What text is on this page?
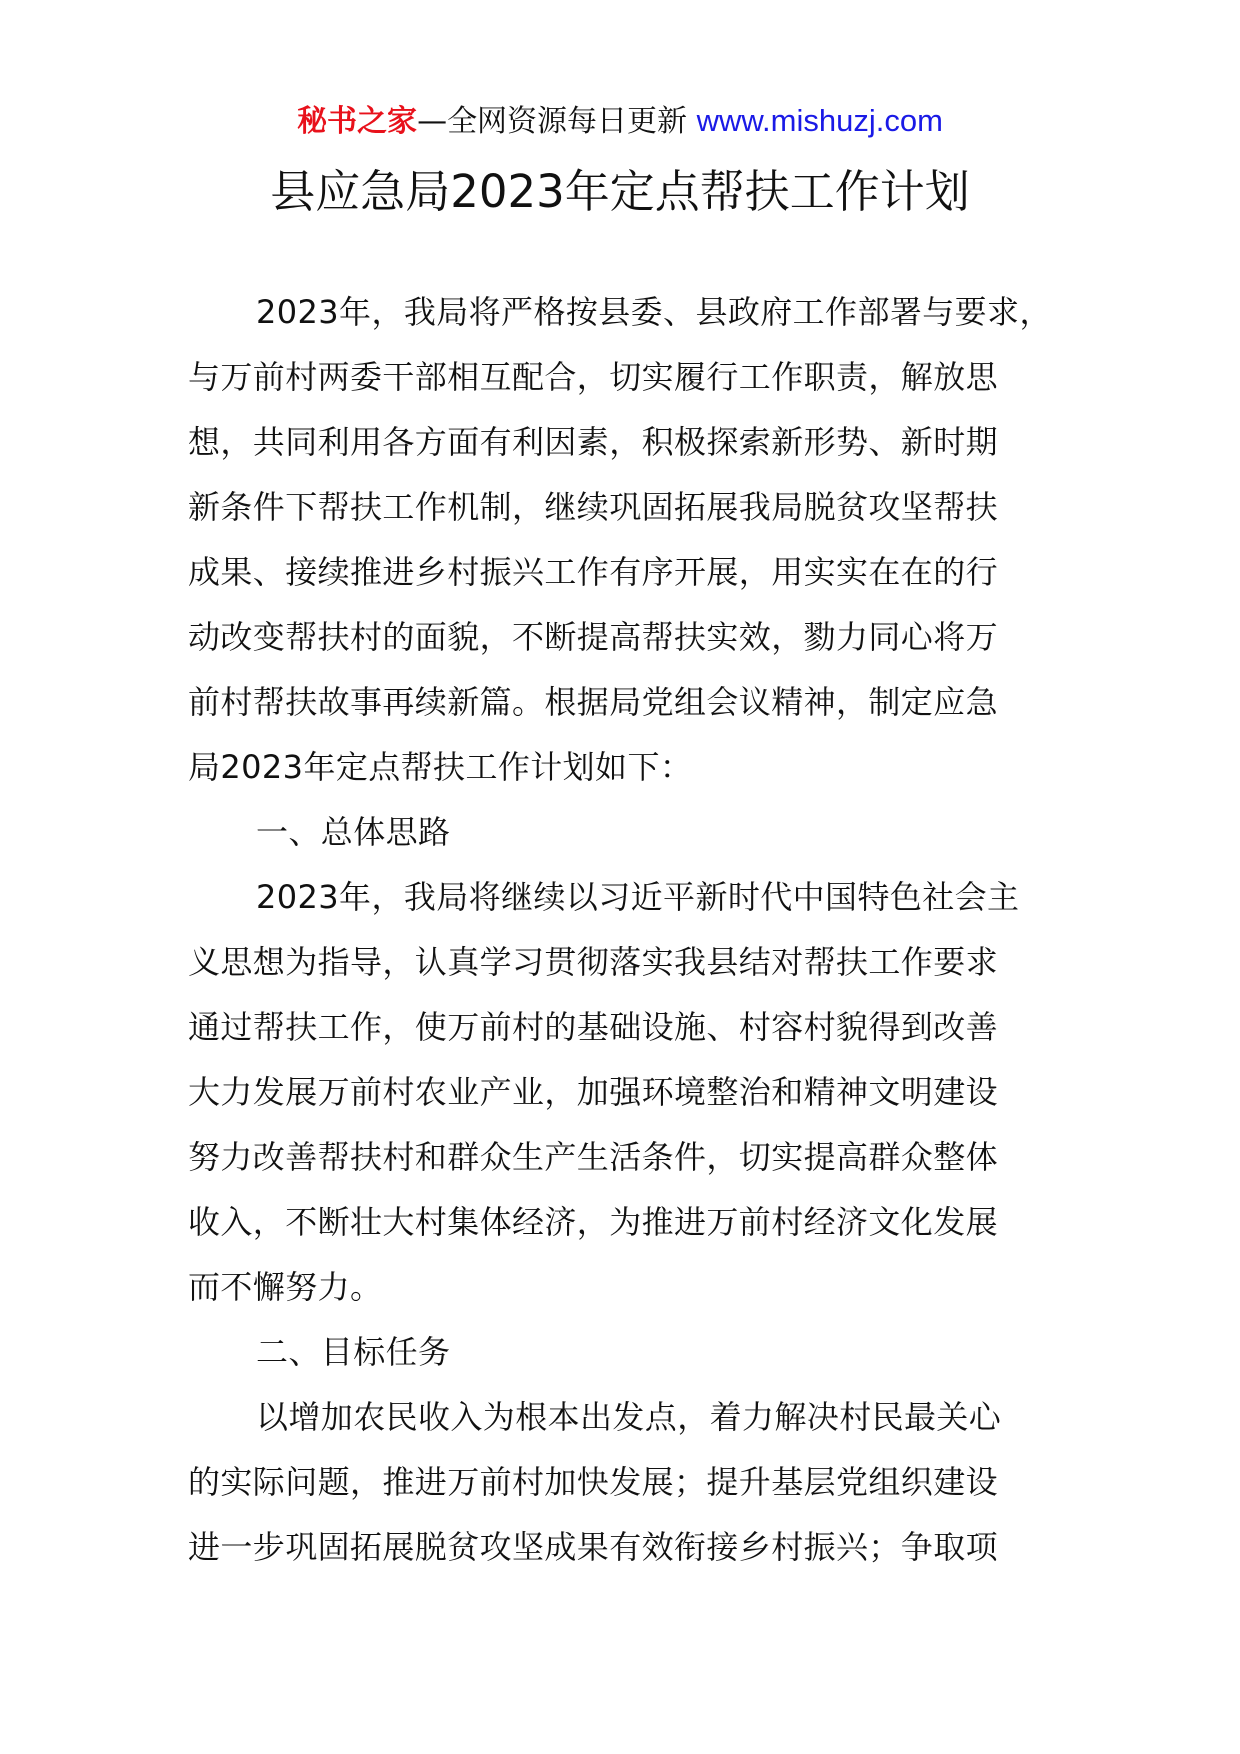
秘书之家—全网资源每日更新 www.mishuzj.com
县应急局2023年定点帮扶工作计划
2023年，我局将严格按县委、县政府工作部署与要求，
与万前村两委干部相互配合，切实履行工作职责，解放思
想，共同利用各方面有利因素，积极探索新形势、新时期
新条件下帮扶工作机制，继续巩固拓展我局脱贫攻坚帮扶
成果、接续推进乡村振兴工作有序开展，用实实在在的行
动改变帮扶村的面貌，不断提高帮扶实效，勠力同心将万
前村帮扶故事再续新篇。根据局党组会议精神，制定应急
局2023年定点帮扶工作计划如下：
一、总体思路
2023年，我局将继续以习近平新时代中国特色社会主
义思想为指导，认真学习贯彻落实我县结对帮扶工作要求
通过帮扶工作，使万前村的基础设施、村容村貌得到改善
大力发展万前村农业产业，加强环境整治和精神文明建设
努力改善帮扶村和群众生产生活条件，切实提高群众整体
收入，不断壮大村集体经济，为推进万前村经济文化发展
而不懈努力。
二、目标任务
以增加农民收入为根本出发点，着力解决村民最关心
的实际问题，推进万前村加快发展；提升基层党组织建设
进一步巩固拓展脱贫攻坚成果有效衔接乡村振兴；争取项
